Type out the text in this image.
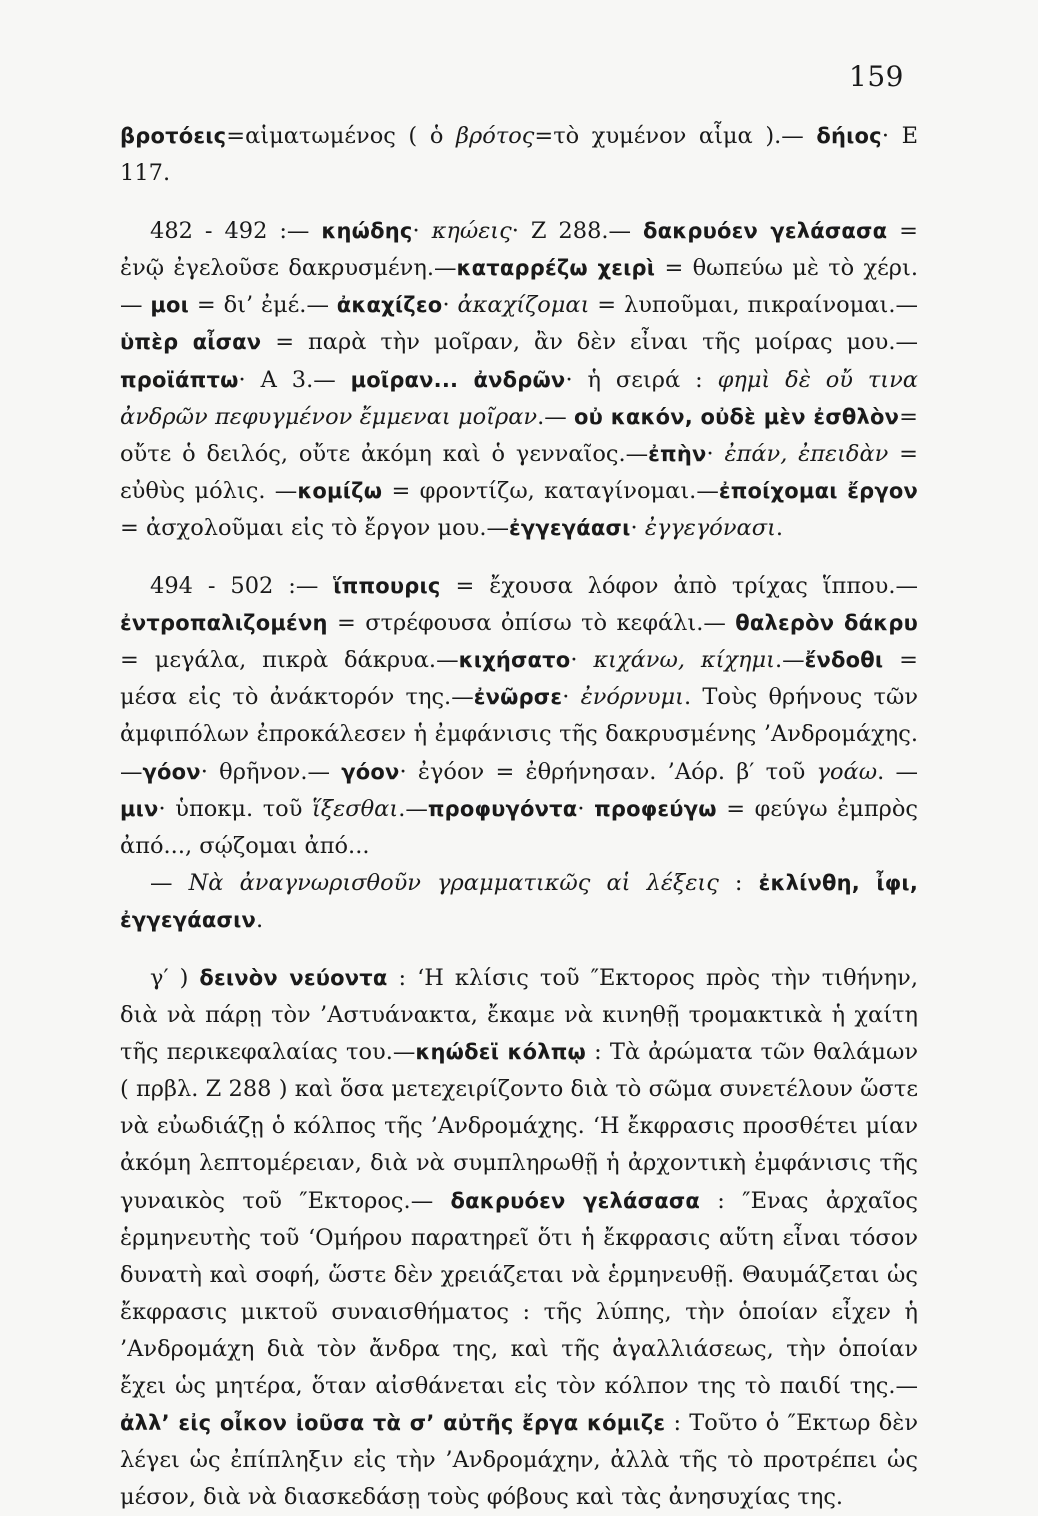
159

βροτόεις=αἱματωμένος ( ὁ βρότος=τὸ χυμένον αἷμα ).— δήιος· Ε 117.

482 - 492 :— κηώδης· κηώεις· Ζ 288.— δακρυόεν γελάσασα = ἐνῷ ἐγελοῦσε δακρυσμένη.—καταρρέζω χειρὶ = θωπεύω μὲ τὸ χέρι.— μοι = δι’ ἐμέ.— ἀκαχίζεο· ἀκαχίζομαι = λυποῦμαι, πικραίνομαι.— ὑπὲρ αἶσαν = παρὰ τὴν μοῖραν, ἂν δὲν εἶναι τῆς μοίρας μου.— προϊάπτω· Α 3.— μοῖραν... ἀνδρῶν· ἡ σειρά : φημὶ δὲ οὔ τινα ἀνδρῶν πεφυγμένον ἔμμεναι μοῖραν.— οὐ κακόν, οὐδὲ μὲν ἐσθλὸν= οὔτε ὁ δειλός, οὔτε ἀκόμη καὶ ὁ γενναῖος.—ἐπὴν· ἐπάν, ἐπειδὰν = εὐθὺς μόλις. —κομίζω = φροντίζω, καταγίνομαι.—ἐποίχομαι ἔργον = ἀσχολοῦμαι εἰς τὸ ἔργον μου.—ἐγγεγάασι· ἐγγεγόνασι.

494 - 502 :— ἵππουρις = ἔχουσα λόφον ἀπὸ τρίχας ἵππου.—ἐντροπαλιζομένη = στρέφουσα ὀπίσω τὸ κεφάλι.— θαλερὸν δάκρυ = μεγάλα, πικρὰ δάκρυα.—κιχήσατο· κιχάνω, κίχημι.—ἔνδοθι = μέσα εἰς τὸ ἀνάκτορόν της.—ἐνῶρσε· ἐνόρνυμι. Τοὺς θρήνους τῶν ἀμφιπόλων ἐπροκάλεσεν ἡ ἐμφάνισις τῆς δακρυσμένης ’Ανδρομάχης.—γόον· θρῆνον.— γόον· ἐγόον = ἐθρήνησαν. ’Αόρ. β′ τοῦ γοάω. — μιν· ὑποκμ. τοῦ ἵξεσθαι.—προφυγόντα· προφεύγω = φεύγω ἐμπρὸς ἀπό..., σῴζομαι ἀπό...

— Νὰ ἀναγνωρισθοῦν γραμματικῶς αἱ λέξεις : ἐκλίνθη, ἶφι, ἐγγεγάασιν.

γ′ ) δεινὸν νεύοντα : ‘Η κλίσις τοῦ ″Εκτορος πρὸς τὴν τιθήνην, διὰ νὰ πάρῃ τὸν ’Αστυάνακτα, ἔκαμε νὰ κινηθῇ τρομακτικὰ ἡ χαίτη τῆς περικεφαλαίας του.—κηώδεϊ κόλπῳ : Τὰ ἀρώματα τῶν θαλάμων ( πρβλ. Ζ 288 ) καὶ ὅσα μετεχειρίζοντο διὰ τὸ σῶμα συνετέλουν ὥστε νὰ εὐωδιάζῃ ὁ κόλπος τῆς ’Ανδρομάχης. ‘Η ἔκφρασις προσθέτει μίαν ἀκόμη λεπτομέρειαν, διὰ νὰ συμπληρωθῇ ἡ ἀρχοντικὴ ἐμφάνισις τῆς γυναικὸς τοῦ ″Εκτορος.— δακρυόεν γελάσασα : ″Ενας ἀρχαῖος ἑρμηνευτὴς τοῦ ‘Ομήρου παρατηρεῖ ὅτι ἡ ἔκφρασις αὕτη εἶναι τόσον δυνατὴ καὶ σοφή, ὥστε δὲν χρειάζεται νὰ ἑρμηνευθῇ. Θαυμάζεται ὡς ἔκφρασις μικτοῦ συναισθήματος : τῆς λύπης, τὴν ὁποίαν εἶχεν ἡ ’Ανδρομάχη διὰ τὸν ἄνδρα της, καὶ τῆς ἀγαλλιάσεως, τὴν ὁποίαν ἔχει ὡς μητέρα, ὅταν αἰσθάνεται εἰς τὸν κόλπον της τὸ παιδί της.—ἀλλ’ εἰς οἶκον ἰοῦσα τὰ σ’ αὐτῆς ἔργα κόμιζε : Τοῦτο ὁ ″Εκτωρ δὲν λέγει ὡς ἐπίπληξιν εἰς τὴν ’Ανδρομάχην, ἀλλὰ τῆς τὸ προτρέπει ὡς μέσον, διὰ νὰ διασκεδάσῃ τοὺς φόβους καὶ τὰς ἀνησυχίας της.
